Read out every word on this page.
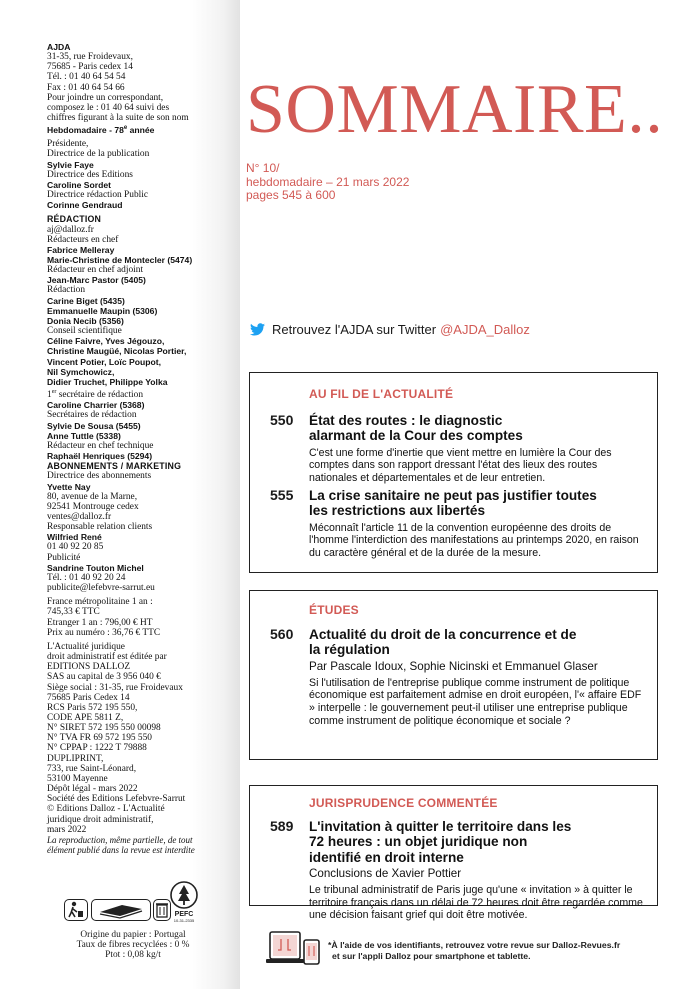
AJDA
31-35, rue Froidevaux,
75685 - Paris cedex 14
Tél. : 01 40 64 54 54
Fax : 01 40 64 54 66
Pour joindre un correspondant,
composez le : 01 40 64 suivi des
chiffres figurant à la suite de son nom
Hebdomadaire - 78e année
Présidente,
Directrice de la publication
Sylvie Faye
Directrice des Editions
Caroline Sordet
Directrice rédaction Public
Corinne Gendraud
RÉDACTION
aj@dalloz.fr
Rédacteurs en chef
Fabrice Melleray
Marie-Christine de Montecler (5474)
Rédacteur en chef adjoint
Jean-Marc Pastor (5405)
Rédaction
Carine Biget (5435)
Emmanuelle Maupin (5306)
Donia Necib (5356)
Conseil scientifique
Céline Faivre, Yves Jégouzo,
Christine Maugüé, Nicolas Portier,
Vincent Potier, Loïc Poupot,
Nil Symchowicz,
Didier Truchet, Philippe Yolka
1er secrétaire de rédaction
Caroline Charrier (5368)
Secrétaires de rédaction
Sylvie De Sousa (5455)
Anne Tuttle (5338)
Rédacteur en chef technique
Raphaël Henriques (5294)
ABONNEMENTS / MARKETING
Directrice des abonnements
Yvette Nay
80, avenue de la Marne,
92541 Montrouge cedex
ventes@dalloz.fr
Responsable relation clients
Wilfried René
01 40 92 20 85
Publicité
Sandrine Touton Michel
Tél. : 01 40 92 20 24
publicite@lefebvre-sarrut.eu
France métropolitaine 1 an :
745,33 € TTC
Etranger 1 an : 796,00 € HT
Prix au numéro : 36,76 € TTC
L'Actualité juridique
droit administratif est éditée par
EDITIONS DALLOZ
SAS au capital de 3 956 040 €
Siège social : 31-35, rue Froidevaux
75685 Paris Cedex 14
RCS Paris 572 195 550,
CODE APE 5811 Z,
N° SIRET 572 195 550 00098
N° TVA FR 69 572 195 550
N° CPPAP : 1222 T 79888
DUPLIPRINT,
733, rue Saint-Léonard,
53100 Mayenne
Dépôt légal - mars 2022
Société des Editions Lefebvre-Sarrut
© Editions Dalloz - L'Actualité
juridique droit administratif,
mars 2022
La reproduction, même partielle, de tout
élément publié dans la revue est interdite
PEFC
10-31-2335
Origine du papier : Portugal
Taux de fibres recyclées : 0 %
Ptot : 0,08 kg/t
SOMMAIRE..
N° 10/
hebdomadaire – 21 mars 2022
pages 545 à 600
Retrouvez l'AJDA sur Twitter @AJDA_Dalloz
AU FIL DE L'ACTUALITÉ
550 État des routes : le diagnostic alarmant de la Cour des comptes
C'est une forme d'inertie que vient mettre en lumière la Cour des comptes dans son rapport dressant l'état des lieux des routes nationales et départementales et de leur entretien.
555 La crise sanitaire ne peut pas justifier toutes les restrictions aux libertés
Méconnaît l'article 11 de la convention européenne des droits de l'homme l'interdiction des manifestations au printemps 2020, en raison du caractère général et de la durée de la mesure.
ÉTUDES
560 Actualité du droit de la concurrence et de la régulation
Par Pascale Idoux, Sophie Nicinski et Emmanuel Glaser
Si l'utilisation de l'entreprise publique comme instrument de politique économique est parfaitement admise en droit européen, l'« affaire EDF » interpelle : le gouvernement peut-il utiliser une entreprise publique comme instrument de politique économique et sociale ?
JURISPRUDENCE COMMENTÉE
589 L'invitation à quitter le territoire dans les 72 heures : un objet juridique non identifié en droit interne
Conclusions de Xavier Pottier
Le tribunal administratif de Paris juge qu'une « invitation » à quitter le territoire français dans un délai de 72 heures doit être regardée comme une décision faisant grief qui doit être motivée.
*À l'aide de vos identifiants, retrouvez votre revue sur Dalloz-Revues.fr
et sur l'appli Dalloz pour smartphone et tablette.
